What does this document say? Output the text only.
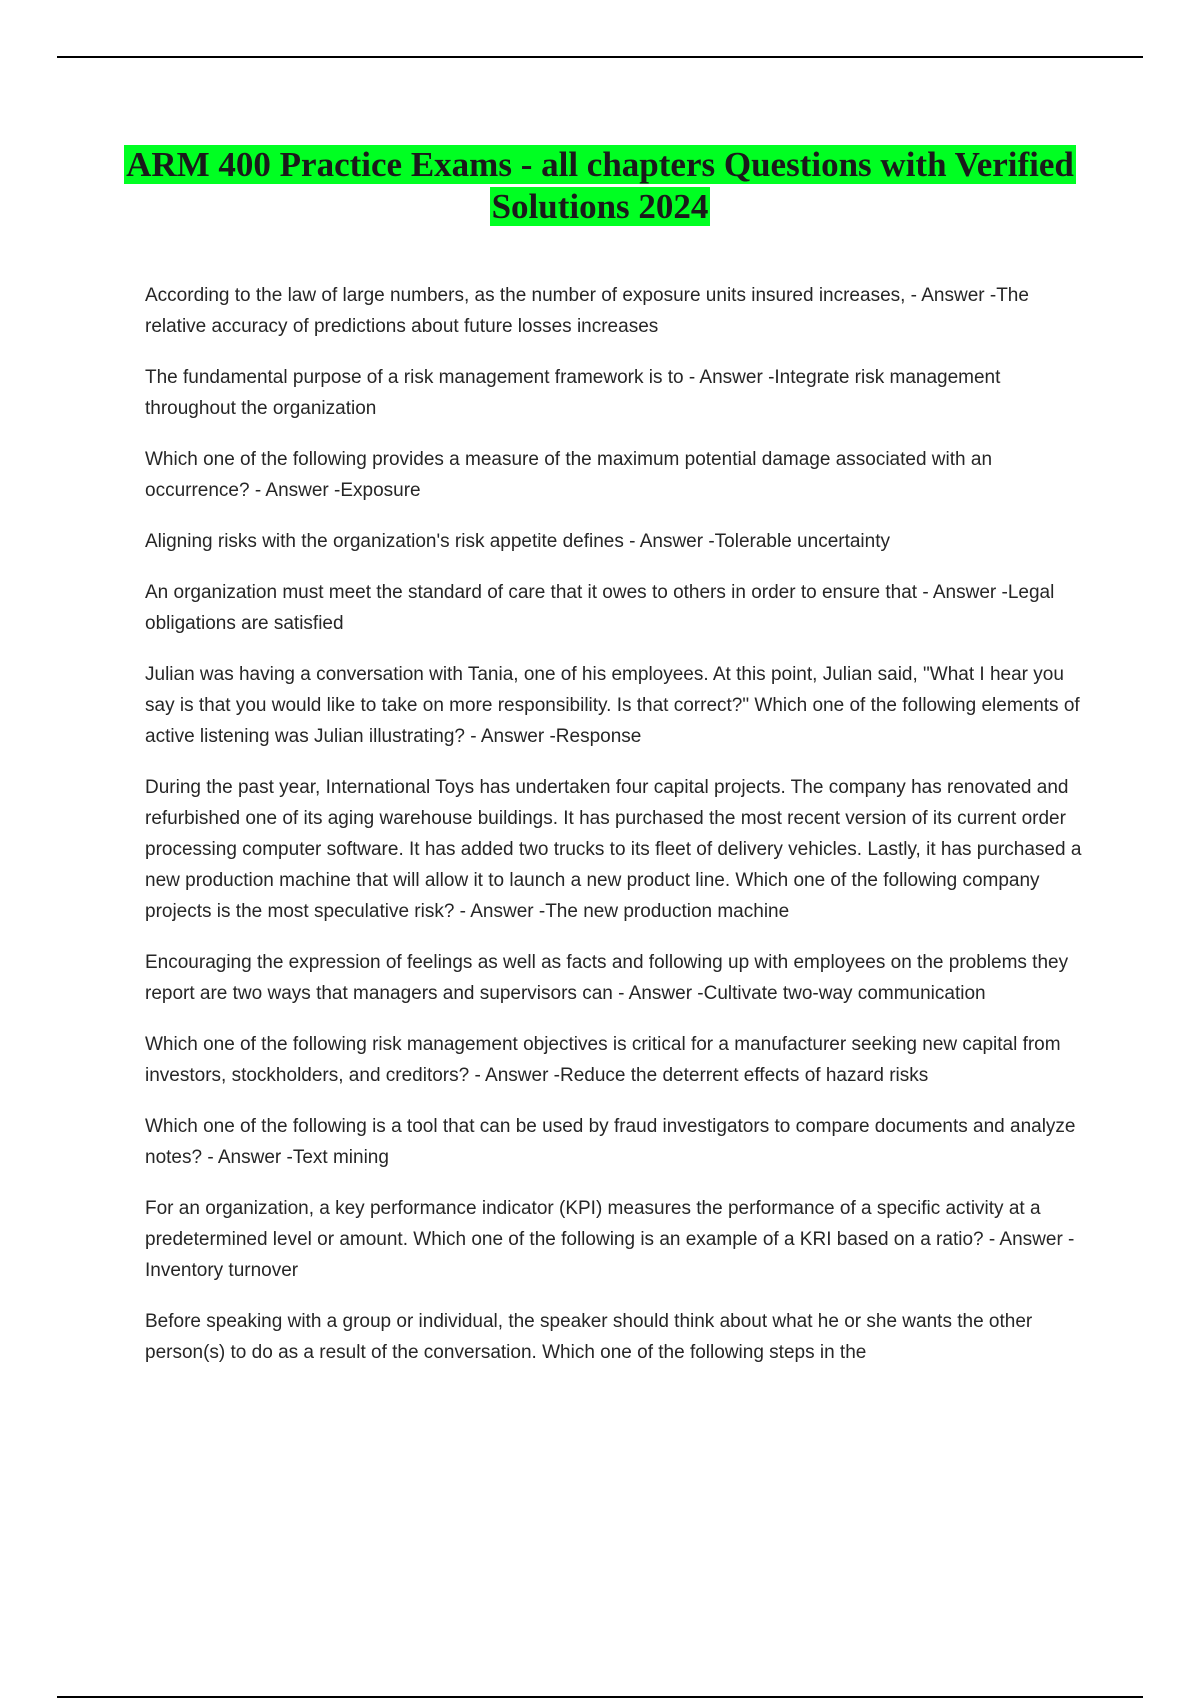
ARM 400 Practice Exams - all chapters Questions with Verified Solutions 2024

According to the law of large numbers, as the number of exposure units insured increases, - Answer -The relative accuracy of predictions about future losses increases

The fundamental purpose of a risk management framework is to - Answer -Integrate risk management throughout the organization

Which one of the following provides a measure of the maximum potential damage associated with an occurrence? - Answer -Exposure

Aligning risks with the organization's risk appetite defines - Answer -Tolerable uncertainty

An organization must meet the standard of care that it owes to others in order to ensure that - Answer -Legal obligations are satisfied

Julian was having a conversation with Tania, one of his employees. At this point, Julian said, "What I hear you say is that you would like to take on more responsibility. Is that correct?" Which one of the following elements of active listening was Julian illustrating? - Answer -Response

During the past year, International Toys has undertaken four capital projects. The company has renovated and refurbished one of its aging warehouse buildings. It has purchased the most recent version of its current order processing computer software. It has added two trucks to its fleet of delivery vehicles. Lastly, it has purchased a new production machine that will allow it to launch a new product line. Which one of the following company projects is the most speculative risk? - Answer -The new production machine

Encouraging the expression of feelings as well as facts and following up with employees on the problems they report are two ways that managers and supervisors can - Answer -Cultivate two-way communication

Which one of the following risk management objectives is critical for a manufacturer seeking new capital from investors, stockholders, and creditors? - Answer -Reduce the deterrent effects of hazard risks

Which one of the following is a tool that can be used by fraud investigators to compare documents and analyze notes? - Answer -Text mining

For an organization, a key performance indicator (KPI) measures the performance of a specific activity at a predetermined level or amount. Which one of the following is an example of a KRI based on a ratio? - Answer -Inventory turnover

Before speaking with a group or individual, the speaker should think about what he or she wants the other person(s) to do as a result of the conversation. Which one of the following steps in the
